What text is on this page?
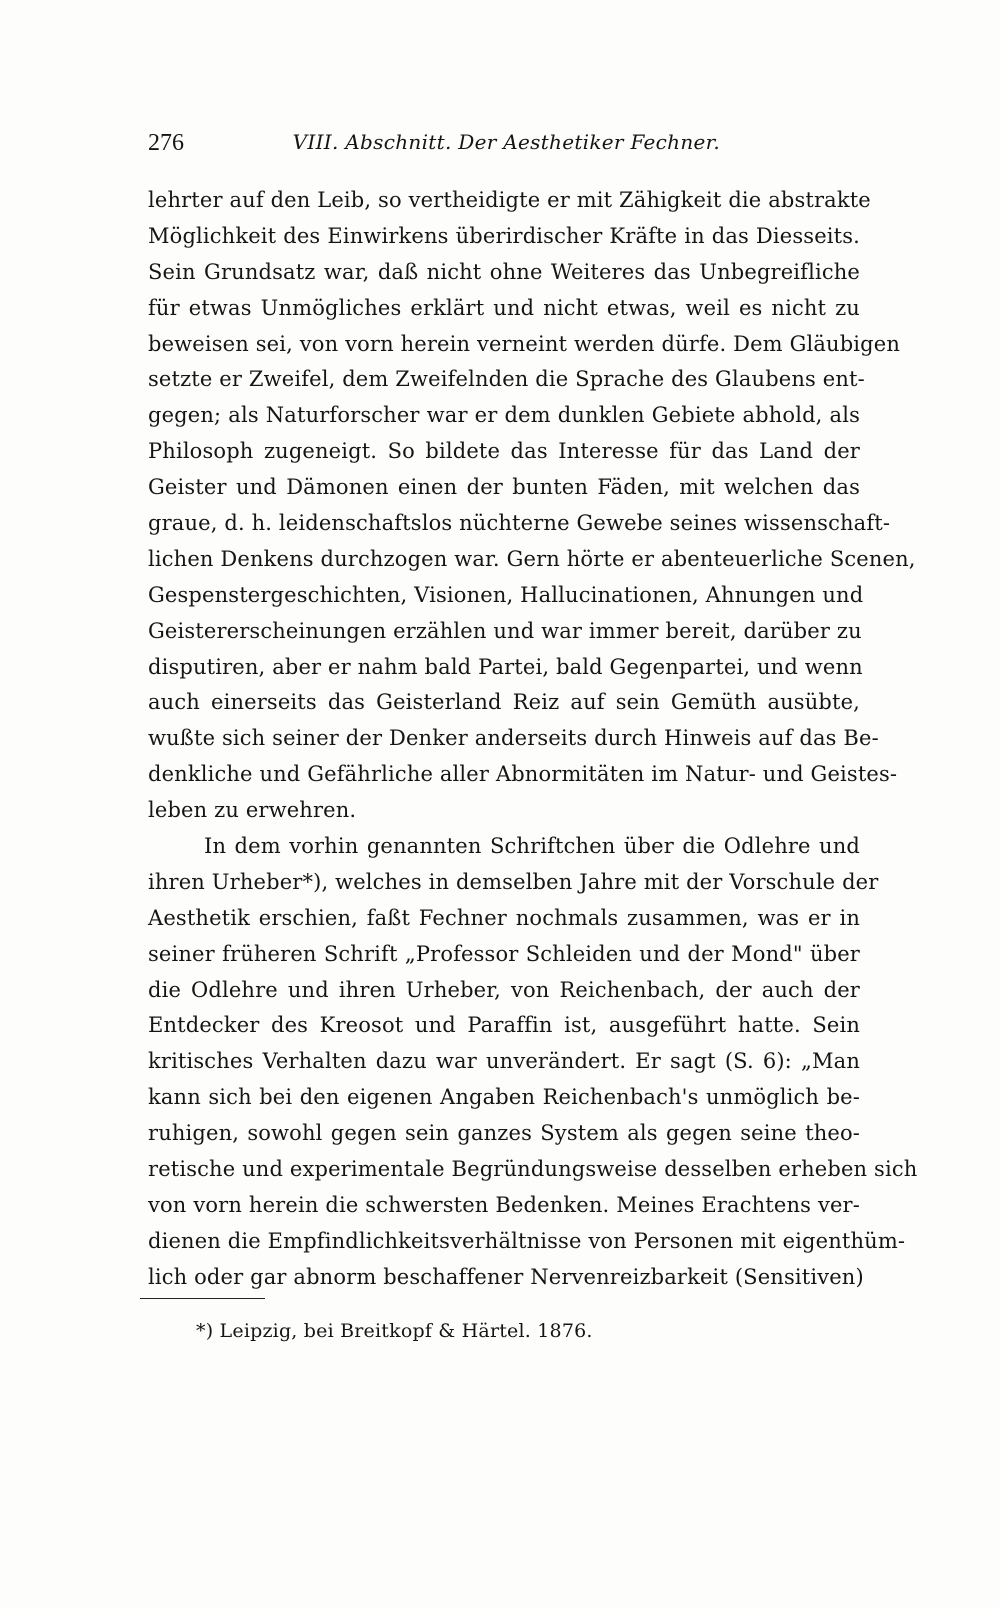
276	VIII. Abschnitt. Der Aesthetiker Fechner.
lehrter auf den Leib, so vertheidigte er mit Zähigkeit die abstrakte
Möglichkeit des Einwirkens überirdischer Kräfte in das Diesseits.
Sein Grundsatz war, daß nicht ohne Weiteres das Unbegreifliche
für etwas Unmögliches erklärt und nicht etwas, weil es nicht zu
beweisen sei, von vorn herein verneint werden dürfe. Dem Gläubigen
setzte er Zweifel, dem Zweifelnden die Sprache des Glaubens ent-
gegen; als Naturforscher war er dem dunklen Gebiete abhold, als
Philosoph zugeneigt. So bildete das Interesse für das Land der
Geister und Dämonen einen der bunten Fäden, mit welchen das
graue, d. h. leidenschaftslos nüchterne Gewebe seines wissenschaft-
lichen Denkens durchzogen war. Gern hörte er abenteuerliche Scenen,
Gespenstergeschichten, Visionen, Hallucinationen, Ahnungen und
Geistererscheinungen erzählen und war immer bereit, darüber zu
disputiren, aber er nahm bald Partei, bald Gegenpartei, und wenn
auch einerseits das Geisterland Reiz auf sein Gemüth ausübte,
wußte sich seiner der Denker anderseits durch Hinweis auf das Be-
denkliche und Gefährliche aller Abnormitäten im Natur- und Geistes-
leben zu erwehren.
In dem vorhin genannten Schriftchen über die Odlehre und
ihren Urheber*), welches in demselben Jahre mit der Vorschule der
Aesthetik erschien, faßt Fechner nochmals zusammen, was er in
seiner früheren Schrift „Professor Schleiden und der Mond" über
die Odlehre und ihren Urheber, von Reichenbach, der auch der
Entdecker des Kreosot und Paraffin ist, ausgeführt hatte. Sein
kritisches Verhalten dazu war unverändert. Er sagt (S. 6): „Man
kann sich bei den eigenen Angaben Reichenbach's unmöglich be-
ruhigen, sowohl gegen sein ganzes System als gegen seine theo-
retische und experimentale Begründungsweise desselben erheben sich
von vorn herein die schwersten Bedenken. Meines Erachtens ver-
dienen die Empfindlichkeitsverhältnisse von Personen mit eigenthüm-
lich oder gar abnorm beschaffener Nervenreizbarkeit (Sensitiven)
*) Leipzig, bei Breitkopf & Härtel. 1876.
